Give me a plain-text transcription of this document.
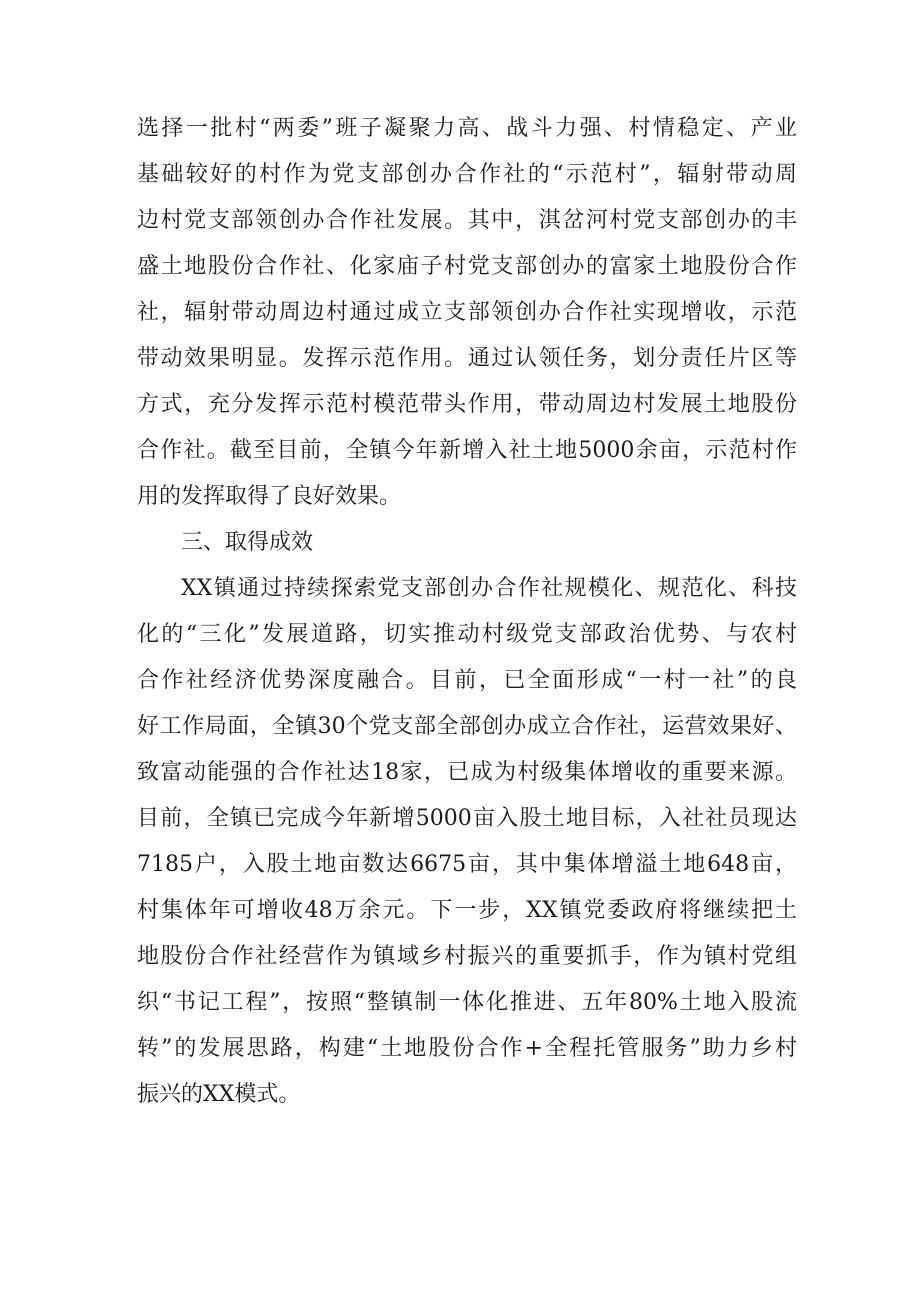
选择一批村“两委”班子凝聚力高、战斗力强、村情稳定、产业
基础较好的村作为党支部创办合作社的“示范村”，辐射带动周
边村党支部领创办合作社发展。其中，淇岔河村党支部创办的丰
盛土地股份合作社、化家庙子村党支部创办的富家土地股份合作
社，辐射带动周边村通过成立支部领创办合作社实现增收，示范
带动效果明显。发挥示范作用。通过认领任务，划分责任片区等
方式，充分发挥示范村模范带头作用，带动周边村发展土地股份
合作社。截至目前，全镇今年新增入社土地5000余亩，示范村作
用的发挥取得了良好效果。
三、取得成效
XX镇通过持续探索党支部创办合作社规模化、规范化、科技
化的“三化”发展道路，切实推动村级党支部政治优势、与农村
合作社经济优势深度融合。目前，已全面形成“一村一社”的良
好工作局面，全镇30个党支部全部创办成立合作社，运营效果好、
致富动能强的合作社达18家，已成为村级集体增收的重要来源。
目前，全镇已完成今年新增5000亩入股土地目标，入社社员现达
7185户，入股土地亩数达6675亩，其中集体增溢土地648亩，
村集体年可增收48万余元。下一步，XX镇党委政府将继续把土
地股份合作社经营作为镇域乡村振兴的重要抓手，作为镇村党组
织“书记工程”，按照“整镇制一体化推进、五年80%土地入股流
转”的发展思路，构建“土地股份合作+全程托管服务”助力乡村
振兴的XX模式。
